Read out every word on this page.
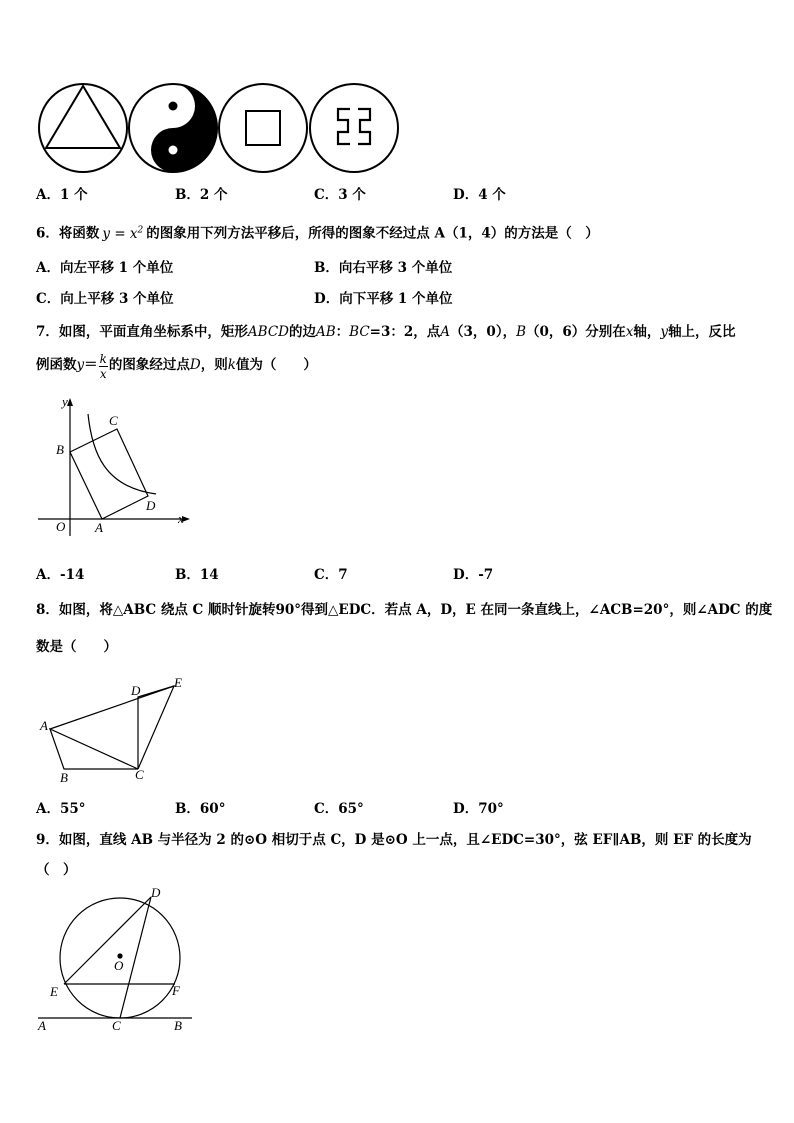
A．1 个	B．2 个	C．3 个	D．4 个
6．将函数 $y = x^2$ 的图象用下列方法平移后，所得的图象不经过点 A（1，4）的方法是（　）
A．向左平移 1 个单位	B．向右平移 3 个单位
C．向上平移 3 个单位	D．向下平移 1 个单位
7．如图，平面直角坐标系中，矩形ABCD的边AB：BC=3：2，点A（3，0），B（0，6）分别在x轴，y轴上，反比
例函数 $y = \frac{k}{x}$ 的图象经过点 D ，则 k 值为（　　）
y
x
O A
B
C
D
A．-14	B．14	C．7	D．-7
8．如图，将△ABC 绕点 C 顺时针旋转90°得到△EDC．若点 A，D，E 在同一条直线上，∠ACB=20°，则∠ADC 的度
数是（　　）
A
B	C
D
E
A．55°	B．60°	C．65°	D．70°
9．如图，直线 AB 与半径为 2 的⊙O 相切于点 C，D 是⊙O 上一点，且∠EDC=30°，弦 EF∥AB，则 EF 的长度为
（　）
D
O
E	F
A	C	B
